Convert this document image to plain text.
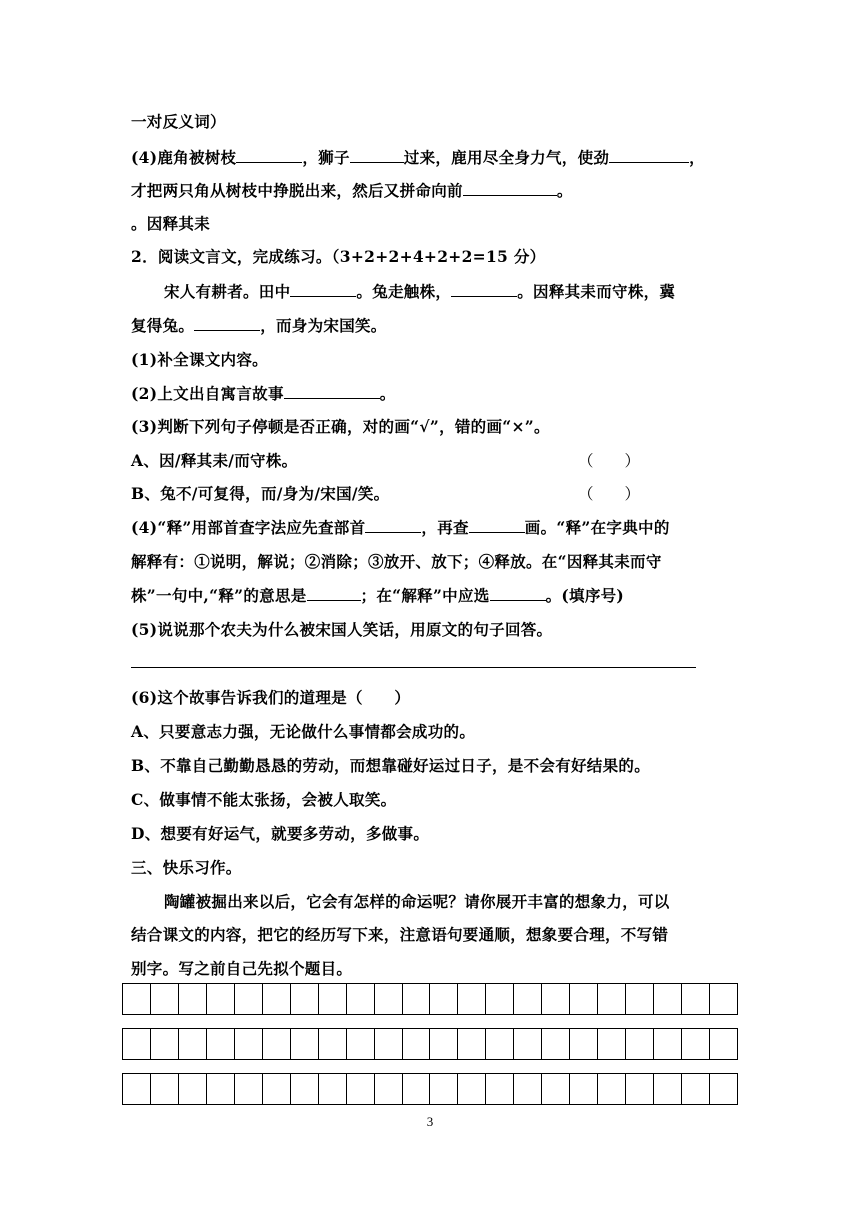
一对反义词）

(4)鹿角被树枝	，狮子	过来，鹿用尽全身力气，使劲	，

才把两只角从树枝中挣脱出来，然后又拼命向前	。

。因释其耒

2．阅读文言文，完成练习。（3+2+2+4+2+2=15 分）

宋人有耕者。田中	。兔走触株，	。因释其耒而守株，冀

复得兔。	，而身为宋国笑。

(1)补全课文内容。

(2)上文出自寓言故事	。

(3)判断下列句子停顿是否正确，对的画“√”，错的画“×”。

A、因/释其耒/而守株。	（　　）

B、兔不/可复得，而/身为/宋国/笑。	（　　）

(4)“释”用部首查字法应先查部首	，再查	画。“释”在字典中的

解释有：①说明，解说；②消除；③放开、放下；④释放。在“因释其耒而守

株”一句中,“释”的意思是	；在“解释”中应选	。(填序号)

(5)说说那个农夫为什么被宋国人笑话，用原文的句子回答。

(6)这个故事告诉我们的道理是（　　）

A、只要意志力强，无论做什么事情都会成功的。

B、不靠自己勤勤恳恳的劳动，而想靠碰好运过日子，是不会有好结果的。

C、做事情不能太张扬，会被人取笑。

D、想要有好运气，就要多劳动，多做事。

三、快乐习作。

陶罐被掘出来以后，它会有怎样的命运呢？请你展开丰富的想象力，可以

结合课文的内容，把它的经历写下来，注意语句要通顺，想象要合理，不写错

别字。写之前自己先拟个题目。

3
